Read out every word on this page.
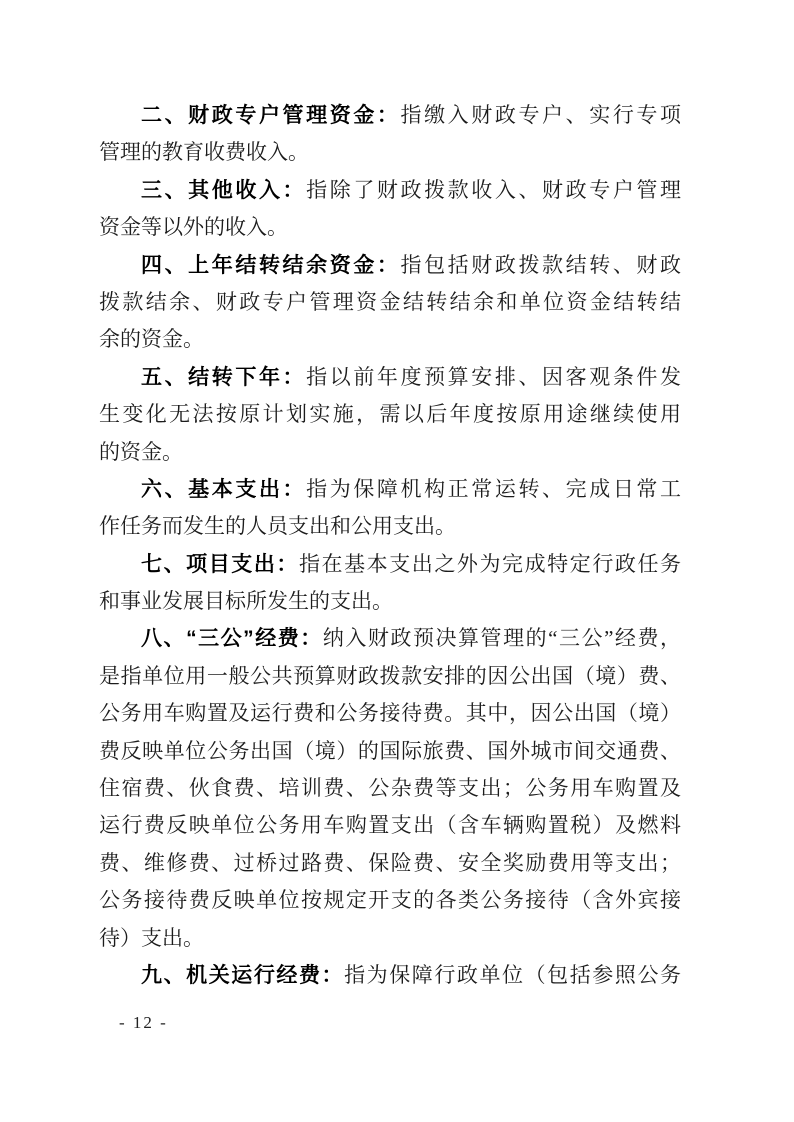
二、财政专户管理资金：指缴入财政专户、实行专项
管理的教育收费收入。
三、其他收入：指除了财政拨款收入、财政专户管理
资金等以外的收入。
四、上年结转结余资金：指包括财政拨款结转、财政
拨款结余、财政专户管理资金结转结余和单位资金结转结
余的资金。
五、结转下年：指以前年度预算安排、因客观条件发
生变化无法按原计划实施，需以后年度按原用途继续使用
的资金。
六、基本支出：指为保障机构正常运转、完成日常工
作任务而发生的人员支出和公用支出。
七、项目支出：指在基本支出之外为完成特定行政任务
和事业发展目标所发生的支出。
八、“三公”经费：纳入财政预决算管理的“三公”经费，
是指单位用一般公共预算财政拨款安排的因公出国（境）费、
公务用车购置及运行费和公务接待费。其中，因公出国（境）
费反映单位公务出国（境）的国际旅费、国外城市间交通费、
住宿费、伙食费、培训费、公杂费等支出；公务用车购置及
运行费反映单位公务用车购置支出（含车辆购置税）及燃料
费、维修费、过桥过路费、保险费、安全奖励费用等支出；
公务接待费反映单位按规定开支的各类公务接待（含外宾接
待）支出。
九、机关运行经费：指为保障行政单位（包括参照公务
- 12 -
